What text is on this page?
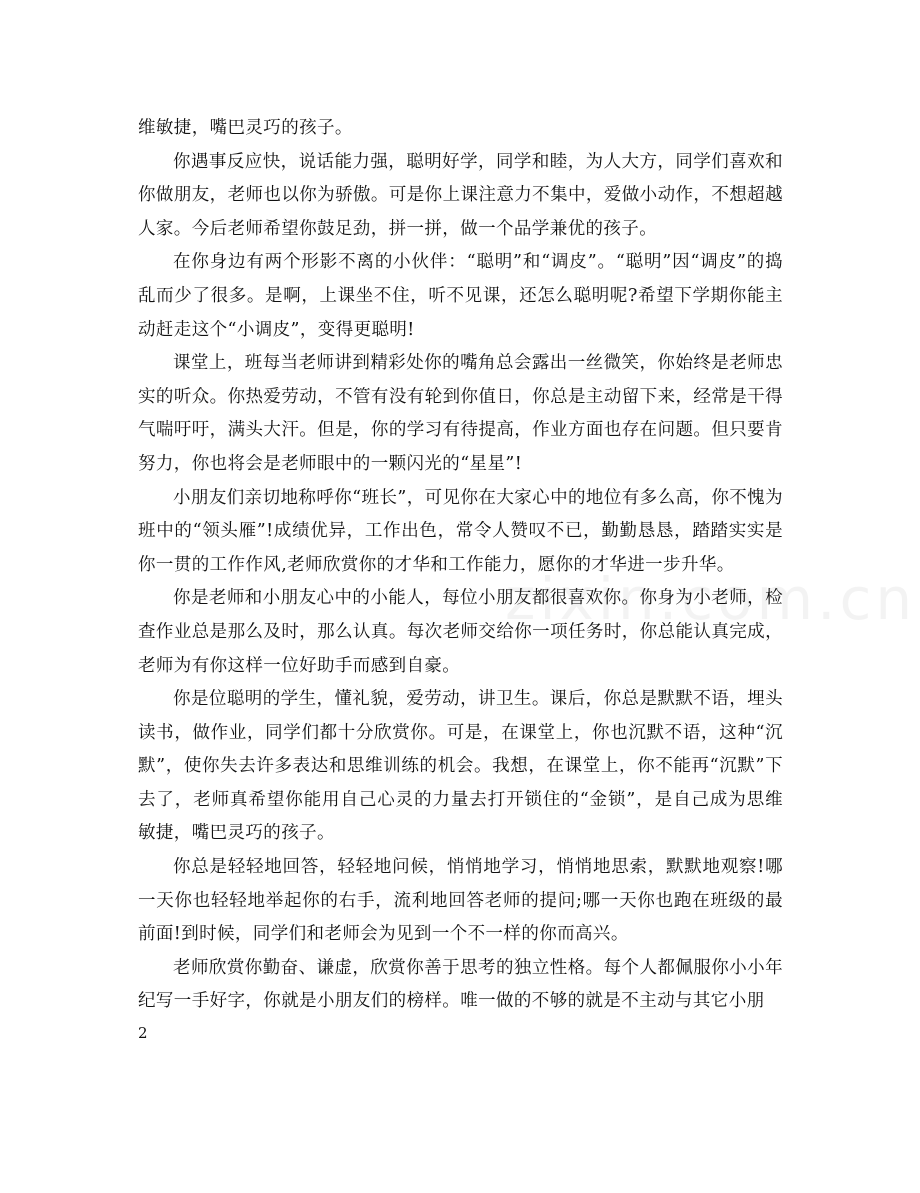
维敏捷，嘴巴灵巧的孩子。

你遇事反应快，说话能力强，聪明好学，同学和睦，为人大方，同学们喜欢和你做朋友，老师也以你为骄傲。可是你上课注意力不集中，爱做小动作，不想超越人家。今后老师希望你鼓足劲，拼一拼，做一个品学兼优的孩子。

在你身边有两个形影不离的小伙伴：“聪明”和“调皮”。“聪明”因“调皮”的捣乱而少了很多。是啊，上课坐不住，听不见课，还怎么聪明呢?希望下学期你能主动赶走这个“小调皮”，变得更聪明!

课堂上，班每当老师讲到精彩处你的嘴角总会露出一丝微笑，你始终是老师忠实的听众。你热爱劳动，不管有没有轮到你值日，你总是主动留下来，经常是干得气喘吁吁，满头大汗。但是，你的学习有待提高，作业方面也存在问题。但只要肯努力，你也将会是老师眼中的一颗闪光的“星星”!

小朋友们亲切地称呼你“班长”，可见你在大家心中的地位有多么高，你不愧为班中的“领头雁”!成绩优异，工作出色，常令人赞叹不已，勤勤恳恳，踏踏实实是你一贯的工作作风,老师欣赏你的才华和工作能力，愿你的才华进一步升华。

你是老师和小朋友心中的小能人，每位小朋友都很喜欢你。你身为小老师，检查作业总是那么及时，那么认真。每次老师交给你一项任务时，你总能认真完成，老师为有你这样一位好助手而感到自豪。

你是位聪明的学生，懂礼貌，爱劳动，讲卫生。课后，你总是默默不语，埋头读书，做作业，同学们都十分欣赏你。可是，在课堂上，你也沉默不语，这种“沉默”，使你失去许多表达和思维训练的机会。我想，在课堂上，你不能再“沉默”下去了，老师真希望你能用自己心灵的力量去打开锁住的“金锁”，是自己成为思维敏捷，嘴巴灵巧的孩子。

你总是轻轻地回答，轻轻地问候，悄悄地学习，悄悄地思索，默默地观察!哪一天你也轻轻地举起你的右手，流利地回答老师的提问;哪一天你也跑在班级的最前面!到时候，同学们和老师会为见到一个不一样的你而高兴。

老师欣赏你勤奋、谦虚，欣赏你善于思考的独立性格。每个人都佩服你小小年纪写一手好字，你就是小朋友们的榜样。唯一做的不够的就是不主动与其它小朋

2
